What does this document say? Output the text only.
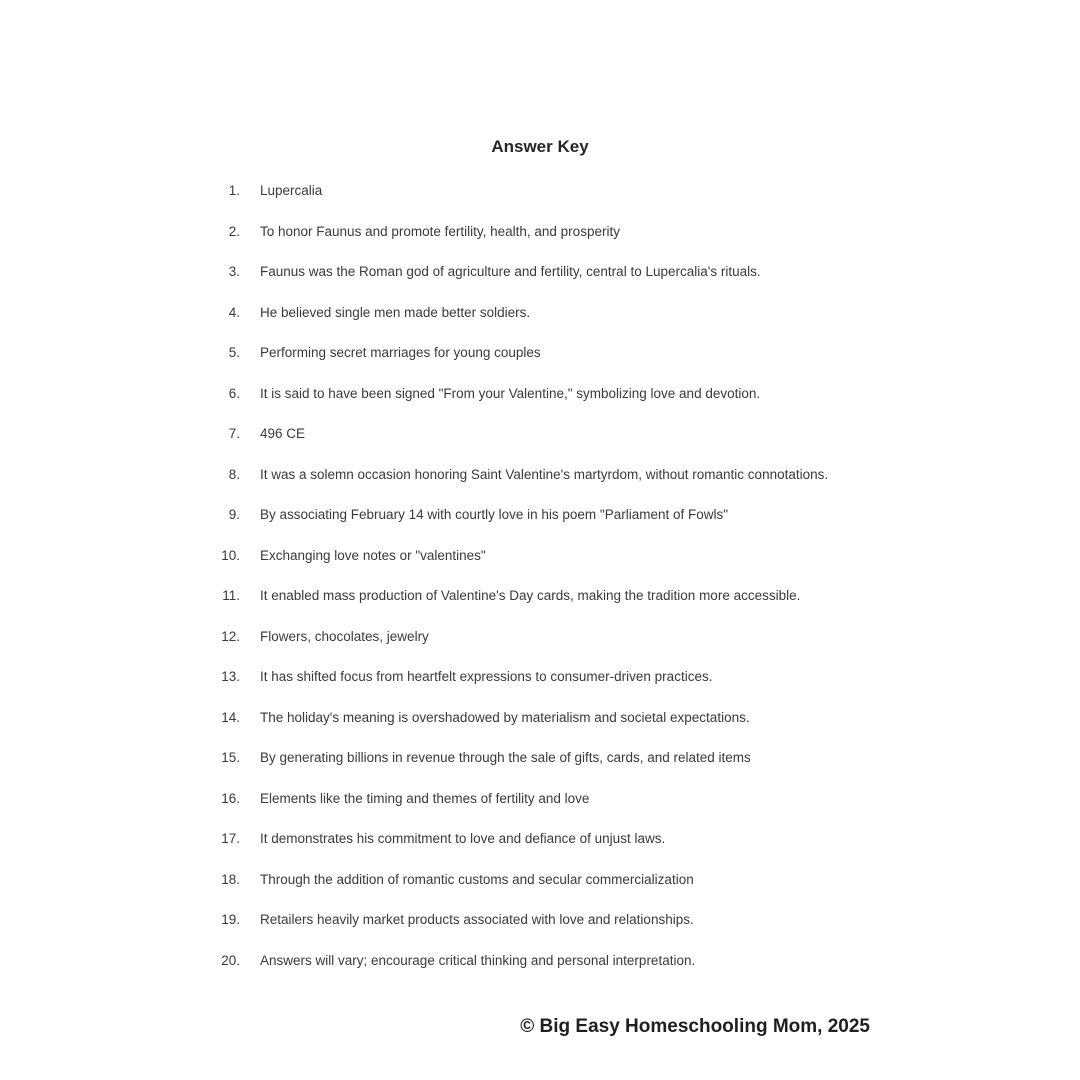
Answer Key
1. Lupercalia
2. To honor Faunus and promote fertility, health, and prosperity
3. Faunus was the Roman god of agriculture and fertility, central to Lupercalia's rituals.
4. He believed single men made better soldiers.
5. Performing secret marriages for young couples
6. It is said to have been signed "From your Valentine," symbolizing love and devotion.
7. 496 CE
8. It was a solemn occasion honoring Saint Valentine's martyrdom, without romantic connotations.
9. By associating February 14 with courtly love in his poem "Parliament of Fowls"
10. Exchanging love notes or "valentines"
11. It enabled mass production of Valentine's Day cards, making the tradition more accessible.
12. Flowers, chocolates, jewelry
13. It has shifted focus from heartfelt expressions to consumer-driven practices.
14. The holiday's meaning is overshadowed by materialism and societal expectations.
15. By generating billions in revenue through the sale of gifts, cards, and related items
16. Elements like the timing and themes of fertility and love
17. It demonstrates his commitment to love and defiance of unjust laws.
18. Through the addition of romantic customs and secular commercialization
19. Retailers heavily market products associated with love and relationships.
20. Answers will vary; encourage critical thinking and personal interpretation.
© Big Easy Homeschooling Mom, 2025
